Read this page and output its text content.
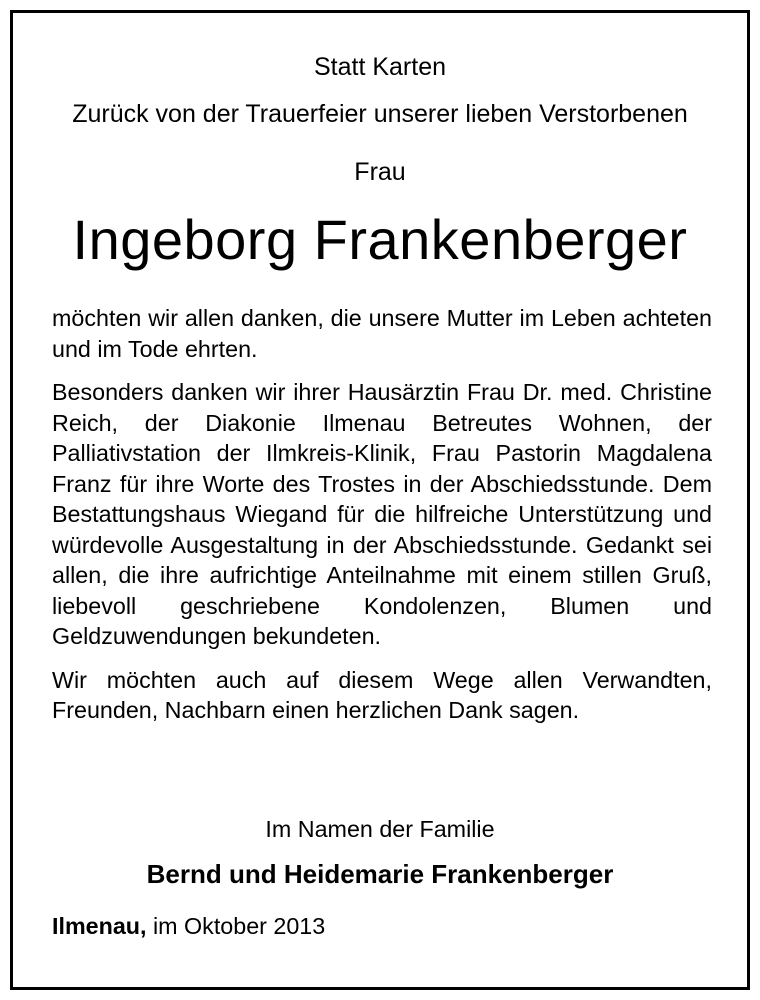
Statt Karten
Zurück von der Trauerfeier unserer lieben Verstorbenen
Frau
Ingeborg Frankenberger

möchten wir allen danken, die unsere Mutter im Leben achteten und im Tode ehrten.

Besonders danken wir ihrer Hausärztin Frau Dr. med. Christine Reich, der Diakonie Ilmenau Betreutes Wohnen, der Palliativstation der Ilmkreis-Klinik, Frau Pastorin Magdalena Franz für ihre Worte des Trostes in der Abschiedsstunde. Dem Bestattungshaus Wiegand für die hilfreiche Unterstützung und würdevolle Ausgestaltung in der Abschiedsstunde. Gedankt sei allen, die ihre aufrichtige Anteilnahme mit einem stillen Gruß, liebevoll geschriebene Kondolenzen, Blumen und Geldzuwendungen bekundeten.

Wir möchten auch auf diesem Wege allen Verwandten, Freunden, Nachbarn einen herzlichen Dank sagen.

Im Namen der Familie
Bernd und Heidemarie Frankenberger
Ilmenau, im Oktober 2013
